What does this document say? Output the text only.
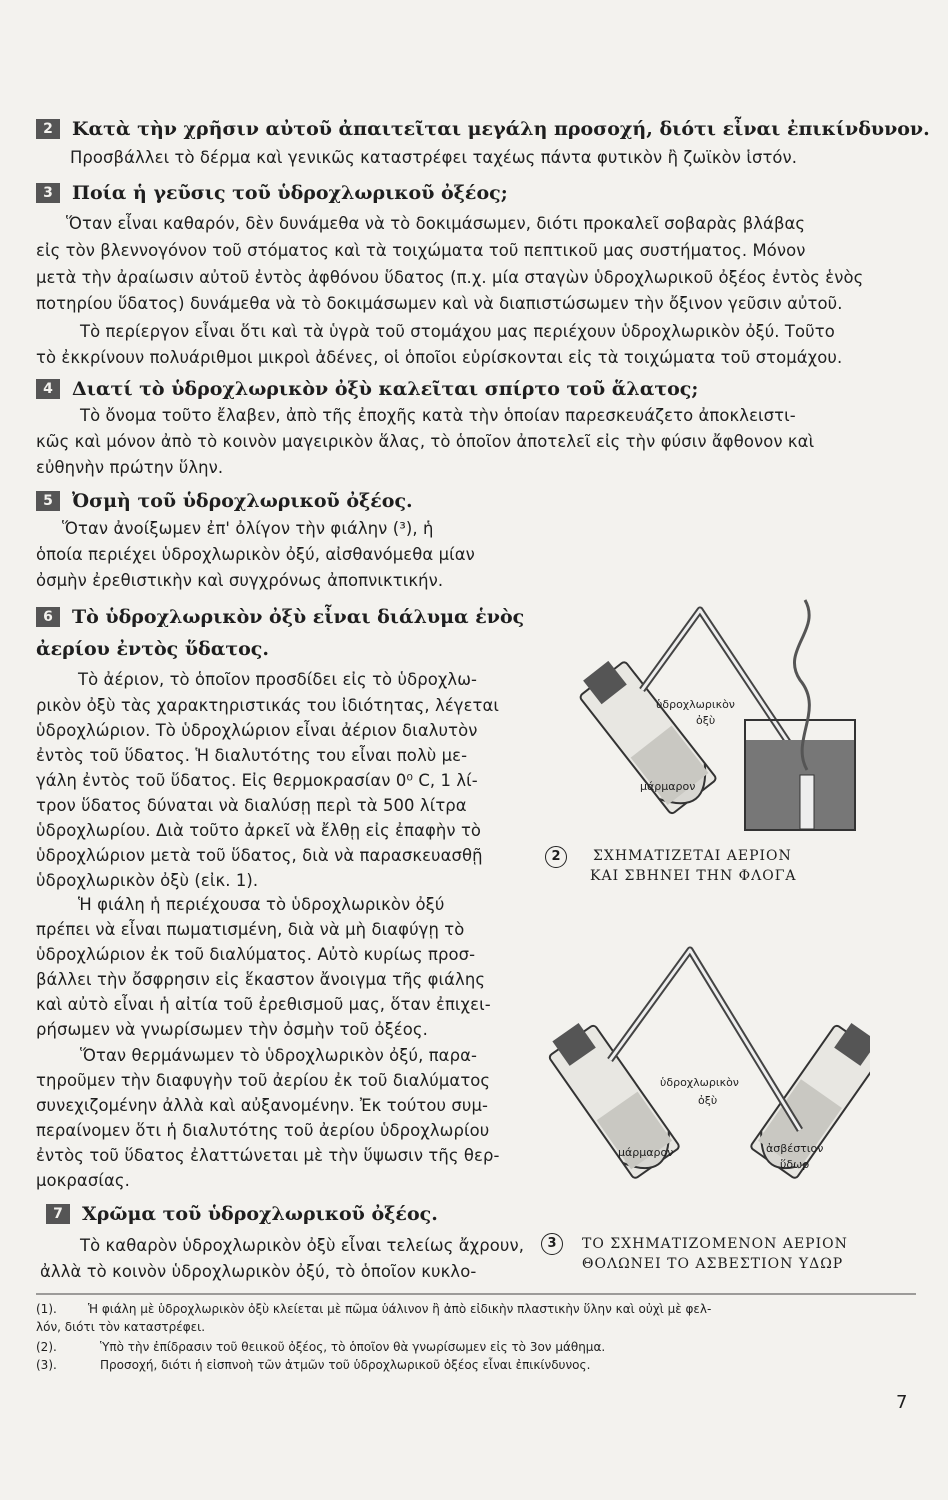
2 Κατὰ τὴν χρῆσιν αὐτοῦ ἀπαιτεῖται μεγάλη προσοχή, διότι εἶναι ἐπικίνδυνον.
Προσβάλλει τὸ δέρμα καὶ γενικῶς καταστρέφει ταχέως πάντα φυτικὸν ἢ ζωϊκὸν ἱστόν.
3 Ποία ἡ γεῦσις τοῦ ὑδροχλωρικοῦ ὀξέος;
Ὅταν εἶναι καθαρόν, δὲν δυνάμεθα νὰ τὸ δοκιμάσωμεν, διότι προκαλεῖ σοβαρὰς βλάβας
εἰς τὸν βλεννογόνον τοῦ στόματος καὶ τὰ τοιχώματα τοῦ πεπτικοῦ μας συστήματος. Μόνον
μετὰ τὴν ἀραίωσιν αὐτοῦ ἐντὸς ἀφθόνου ὕδατος (π.χ. μία σταγὼν ὑδροχλωρικοῦ ὀξέος ἐντὸς ἑνὸς
ποτηρίου ὕδατος) δυνάμεθα νὰ τὸ δοκιμάσωμεν καὶ νὰ διαπιστώσωμεν τὴν ὄξινον γεῦσιν αὐτοῦ.
Τὸ περίεργον εἶναι ὅτι καὶ τὰ ὑγρὰ τοῦ στομάχου μας περιέχουν ὑδροχλωρικὸν ὀξύ. Τοῦτο
τὸ ἐκκρίνουν πολυάριθμοι μικροὶ ἀδένες, οἱ ὁποῖοι εὑρίσκονται εἰς τὰ τοιχώματα τοῦ στομάχου.
4 Διατί τὸ ὑδροχλωρικὸν ὀξὺ καλεῖται σπίρτο τοῦ ἅλατος;
Τὸ ὄνομα τοῦτο ἔλαβεν, ἀπὸ τῆς ἐποχῆς κατὰ τὴν ὁποίαν παρεσκευάζετο ἀποκλειστι-
κῶς καὶ μόνον ἀπὸ τὸ κοινὸν μαγειρικὸν ἅλας, τὸ ὁποῖον ἀποτελεῖ εἰς τὴν φύσιν ἄφθονον καὶ
εὐθηνὴν πρώτην ὕλην.
5 Ὀσμὴ τοῦ ὑδροχλωρικοῦ ὀξέος.
Ὅταν ἀνοίξωμεν ἐπ' ὀλίγον τὴν φιάλην (³), ἡ
ὁποία περιέχει ὑδροχλωρικὸν ὀξύ, αἰσθανόμεθα μίαν
ὀσμὴν ἐρεθιστικὴν καὶ συγχρόνως ἀποπνικτικήν.
6 Τὸ ὑδροχλωρικὸν ὀξὺ εἶναι διάλυμα ἑνὸς
ἀερίου ἐντὸς ὕδατος.
Τὸ ἀέριον, τὸ ὁποῖον προσδίδει εἰς τὸ ὑδροχλω-
ρικὸν ὀξὺ τὰς χαρακτηριστικάς του ἰδιότητας, λέγεται
ὑδροχλώριον. Τὸ ὑδροχλώριον εἶναι ἀέριον διαλυτὸν
ἐντὸς τοῦ ὕδατος. Ἡ διαλυτότης του εἶναι πολὺ με-
γάλη ἐντὸς τοῦ ὕδατος. Εἰς θερμοκρασίαν 0⁰ C, 1 λί-
τρον ὕδατος δύναται νὰ διαλύσῃ περὶ τὰ 500 λίτρα
ὑδροχλωρίου. Διὰ τοῦτο ἀρκεῖ νὰ ἔλθῃ εἰς ἐπαφὴν τὸ
ὑδροχλώριον μετὰ τοῦ ὕδατος, διὰ νὰ παρασκευασθῇ
ὑδροχλωρικὸν ὀξὺ (εἰκ. 1).
Ἡ φιάλη ἡ περιέχουσα τὸ ὑδροχλωρικὸν ὀξύ
πρέπει νὰ εἶναι πωματισμένη, διὰ νὰ μὴ διαφύγῃ τὸ
ὑδροχλώριον ἐκ τοῦ διαλύματος. Αὐτὸ κυρίως προσ-
βάλλει τὴν ὄσφρησιν εἰς ἕκαστον ἄνοιγμα τῆς φιάλης
καὶ αὐτὸ εἶναι ἡ αἰτία τοῦ ἐρεθισμοῦ μας, ὅταν ἐπιχει-
ρήσωμεν νὰ γνωρίσωμεν τὴν ὀσμὴν τοῦ ὀξέος.
Ὅταν θερμάνωμεν τὸ ὑδροχλωρικὸν ὀξύ, παρα-
τηροῦμεν τὴν διαφυγὴν τοῦ ἀερίου ἐκ τοῦ διαλύματος
συνεχιζομένην ἀλλὰ καὶ αὐξανομένην. Ἐκ τούτου συμ-
περαίνομεν ὅτι ἡ διαλυτότης τοῦ ἀερίου ὑδροχλωρίου
ἐντὸς τοῦ ὕδατος ἐλαττώνεται μὲ τὴν ὕψωσιν τῆς θερ-
μοκρασίας.
7 Χρῶμα τοῦ ὑδροχλωρικοῦ ὀξέος.
Τὸ καθαρὸν ὑδροχλωρικὸν ὀξὺ εἶναι τελείως ἄχρουν,
ἀλλὰ τὸ κοινὸν ὑδροχλωρικὸν ὀξύ, τὸ ὁποῖον κυκλο-
ὑδροχλωρικὸν
ὀξὺ
μάρμαρον
2	ΣΧΗΜΑΤΙΖΕΤΑΙ ΑΕΡΙΟΝ
ΚΑΙ ΣΒΗΝΕΙ ΤΗΝ ΦΛΟΓΑ
ὑδροχλωρικὸν
ὀξὺ
μάρμαρον	ἀσβέστιον
ὕδωρ
3	ΤΟ ΣΧΗΜΑΤΙΖΟΜΕΝΟΝ ΑΕΡΙΟΝ
ΘΟΛΩΝΕΙ ΤΟ ΑΣΒΕΣΤΙΟΝ ΥΔΩΡ
(1).	Ἡ φιάλη μὲ ὑδροχλωρικὸν ὀξὺ κλείεται μὲ πῶμα ὑάλινον ἢ ἀπὸ εἰδικὴν πλαστικὴν ὕλην καὶ οὐχὶ μὲ φελ-
λόν, διότι τὸν καταστρέφει.
(2).	Ὑπὸ τὴν ἐπίδρασιν τοῦ θειικοῦ ὀξέος, τὸ ὁποῖον θὰ γνωρίσωμεν εἰς τὸ 3ον μάθημα.
(3).	Προσοχή, διότι ἡ εἰσπνοὴ τῶν ἀτμῶν τοῦ ὑδροχλωρικοῦ ὀξέος εἶναι ἐπικίνδυνος.
7
